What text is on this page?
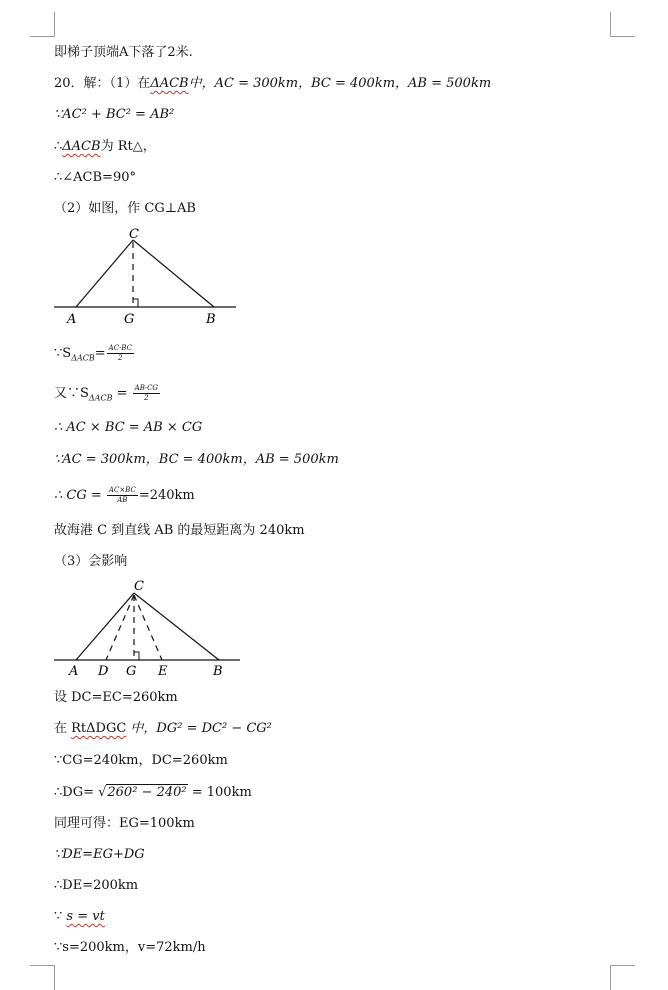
即梯子顶端A下落了2米.
20．解：（1）在ΔACB中，AC = 300km，BC = 400km，AB = 500km
∵AC² + BC² = AB²
∴ΔACB为 Rt△，
∴∠ACB=90°
（2）如图，作 CG⊥AB
C
A	G	B
$\because S_{\Delta ACB}= \frac{AC\cdot BC}{2}$
又$\because S_{\Delta ACB} = \frac{AB\cdot CG}{2}$
∴ AC × BC = AB × CG
∵AC = 300km，BC = 400km，AB = 500km
∴ CG = $\frac{AC\times BC}{AB} =240km$
故海港 C 到直线 AB 的最短距离为 240km
（3）会影响
C
A D G E	B
设 DC=EC=260km
在 RtΔDGC 中，DG² = DC² − CG²
∵CG=240km，DC=260km
∴DG= √260² − 240² = 100km
同理可得：EG=100km
∵DE=EG+DG
∴DE=200km
∵ s = vt
∵s=200km，v=72km/h
